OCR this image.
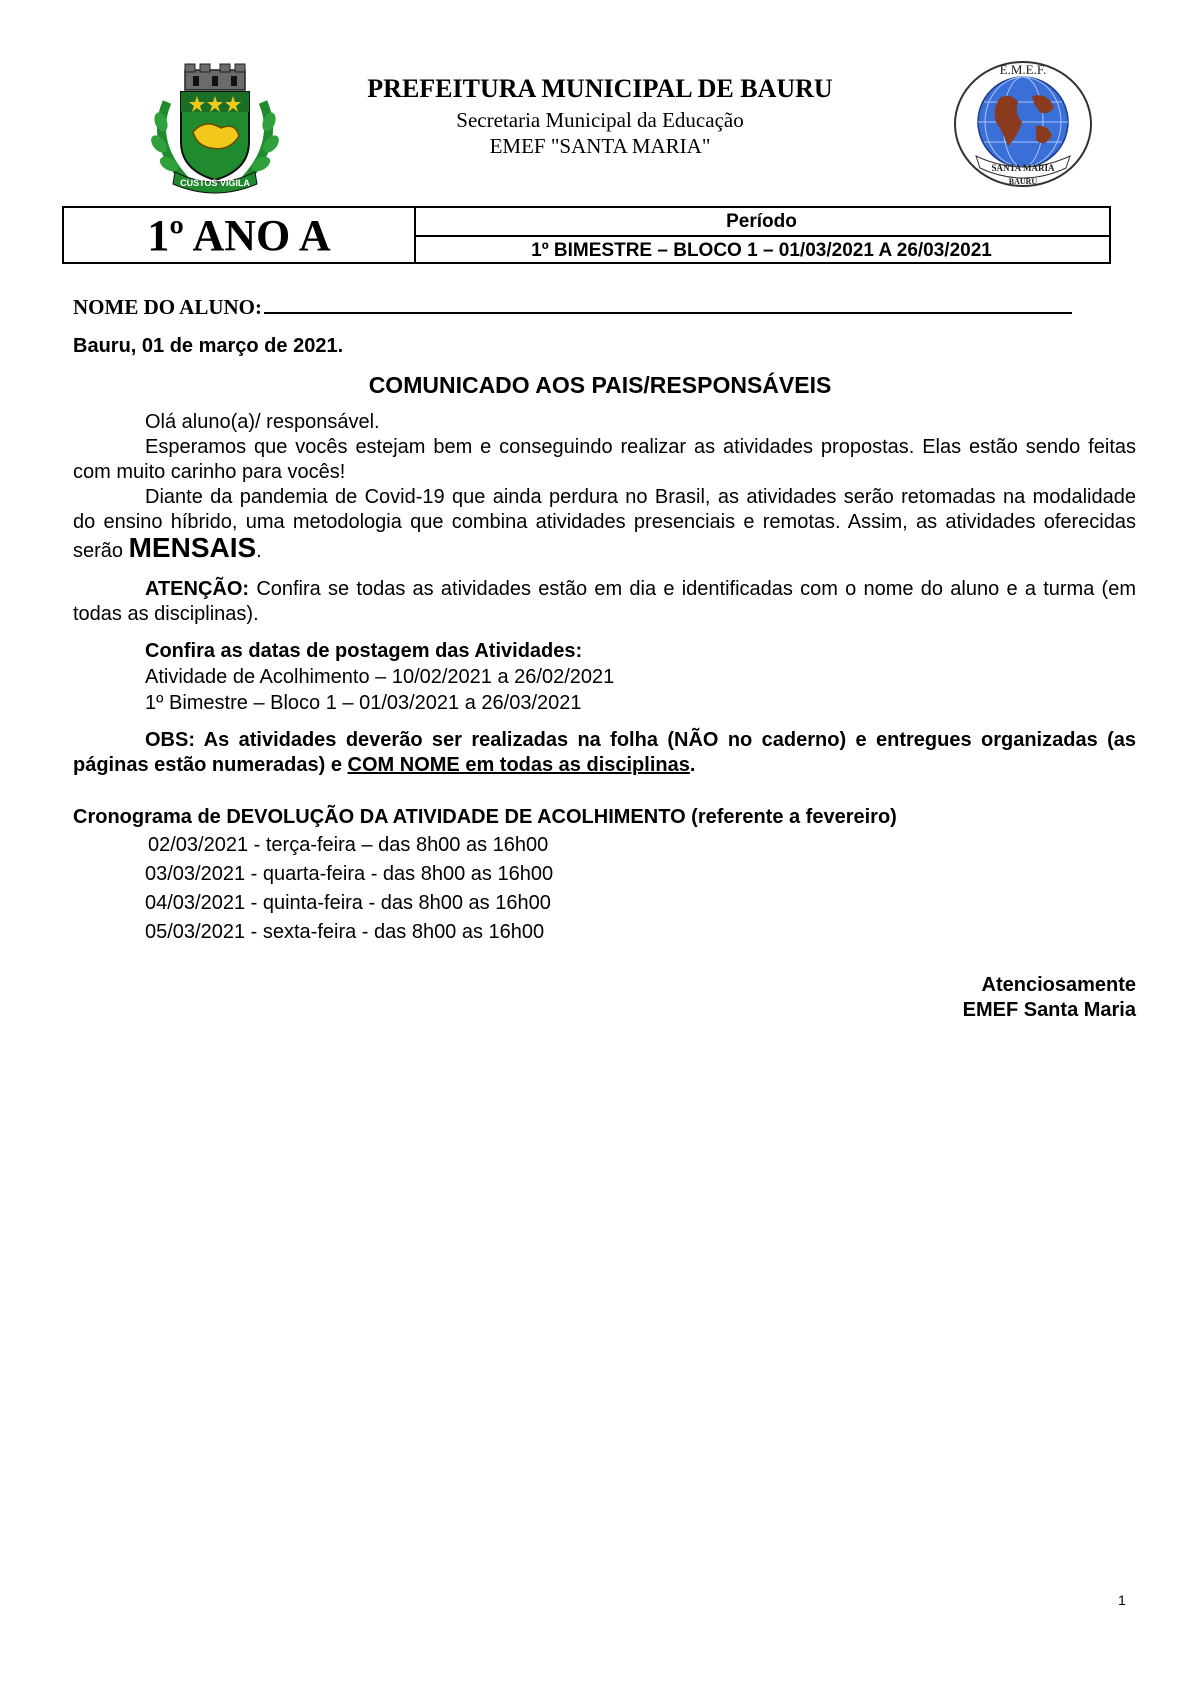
CUSTOS VIGILA
E.M.E.F.
SANTA MARIA
BAURU
PREFEITURA MUNICIPAL DE BAURU
Secretaria Municipal da Educação
EMEF "SANTA MARIA"
1º ANO A	Período
1º BIMESTRE – BLOCO 1 – 01/03/2021 A 26/03/2021
NOME DO ALUNO:
Bauru, 01 de março de 2021.
COMUNICADO AOS PAIS/RESPONSÁVEIS
Olá aluno(a)/ responsável.
Esperamos que vocês estejam bem e conseguindo realizar as atividades propostas. Elas estão sendo feitas com muito carinho para vocês!
Diante da pandemia de Covid-19 que ainda perdura no Brasil, as atividades serão retomadas na modalidade do ensino híbrido, uma metodologia que combina atividades presenciais e remotas. Assim, as atividades oferecidas serão MENSAIS.
ATENÇÃO: Confira se todas as atividades estão em dia e identificadas com o nome do aluno e a turma (em todas as disciplinas).
Confira as datas de postagem das Atividades:
Atividade de Acolhimento – 10/02/2021 a 26/02/2021
1º Bimestre – Bloco 1 – 01/03/2021 a 26/03/2021
OBS: As atividades deverão ser realizadas na folha (NÃO no caderno) e entregues organizadas (as páginas estão numeradas) e COM NOME em todas as disciplinas.
Cronograma de DEVOLUÇÃO DA ATIVIDADE DE ACOLHIMENTO (referente a fevereiro)
02/03/2021 - terça-feira – das 8h00 as 16h00
03/03/2021 - quarta-feira - das 8h00 as 16h00
04/03/2021 - quinta-feira - das 8h00 as 16h00
05/03/2021 - sexta-feira - das 8h00 as 16h00
Atenciosamente
EMEF Santa Maria
1
